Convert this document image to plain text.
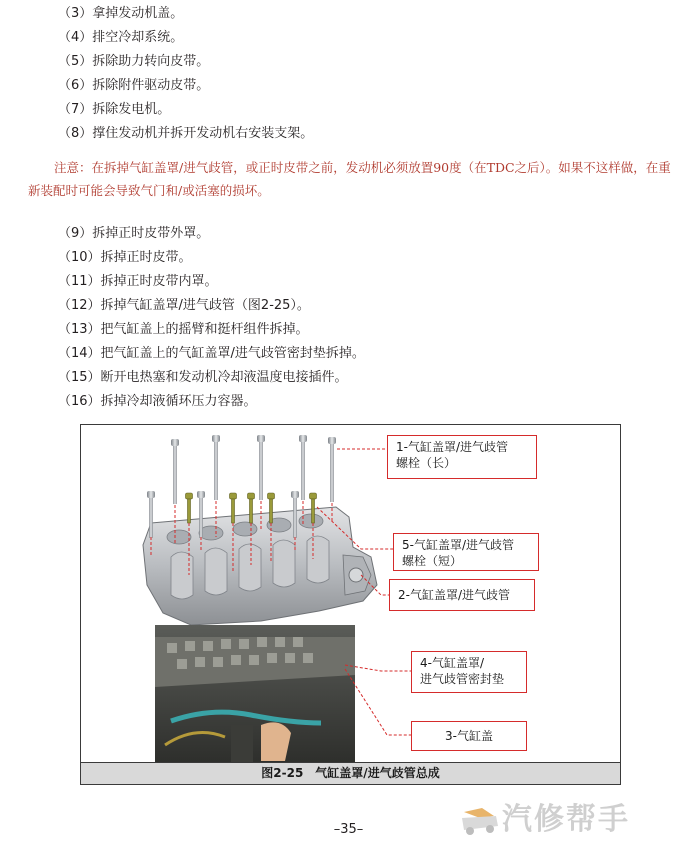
（3）拿掉发动机盖。
（4）排空冷却系统。
（5）拆除助力转向皮带。
（6）拆除附件驱动皮带。
（7）拆除发电机。
（8）撑住发动机并拆开发动机右安装支架。

注意：在拆掉气缸盖罩/进气歧管，或正时皮带之前，发动机必须放置90度（在TDC之后）。如果不这样做，在重新装配时可能会导致气门和/或活塞的损坏。

（9）拆掉正时皮带外罩。
（10）拆掉正时皮带。
（11）拆掉正时皮带内罩。
（12）拆掉气缸盖罩/进气歧管（图2-25）。
（13）把气缸盖上的摇臂和挺杆组件拆掉。
（14）把气缸盖上的气缸盖罩/进气歧管密封垫拆掉。
（15）断开电热塞和发动机冷却液温度电接插件。
（16）拆掉冷却液循环压力容器。
1-气缸盖罩/进气歧管
螺栓（长）
5-气缸盖罩/进气歧管
螺栓（短）
2-气缸盖罩/进气歧管
4-气缸盖罩/
进气歧管密封垫
3-气缸盖
图2-25　气缸盖罩/进气歧管总成
–35–	汽修帮手
